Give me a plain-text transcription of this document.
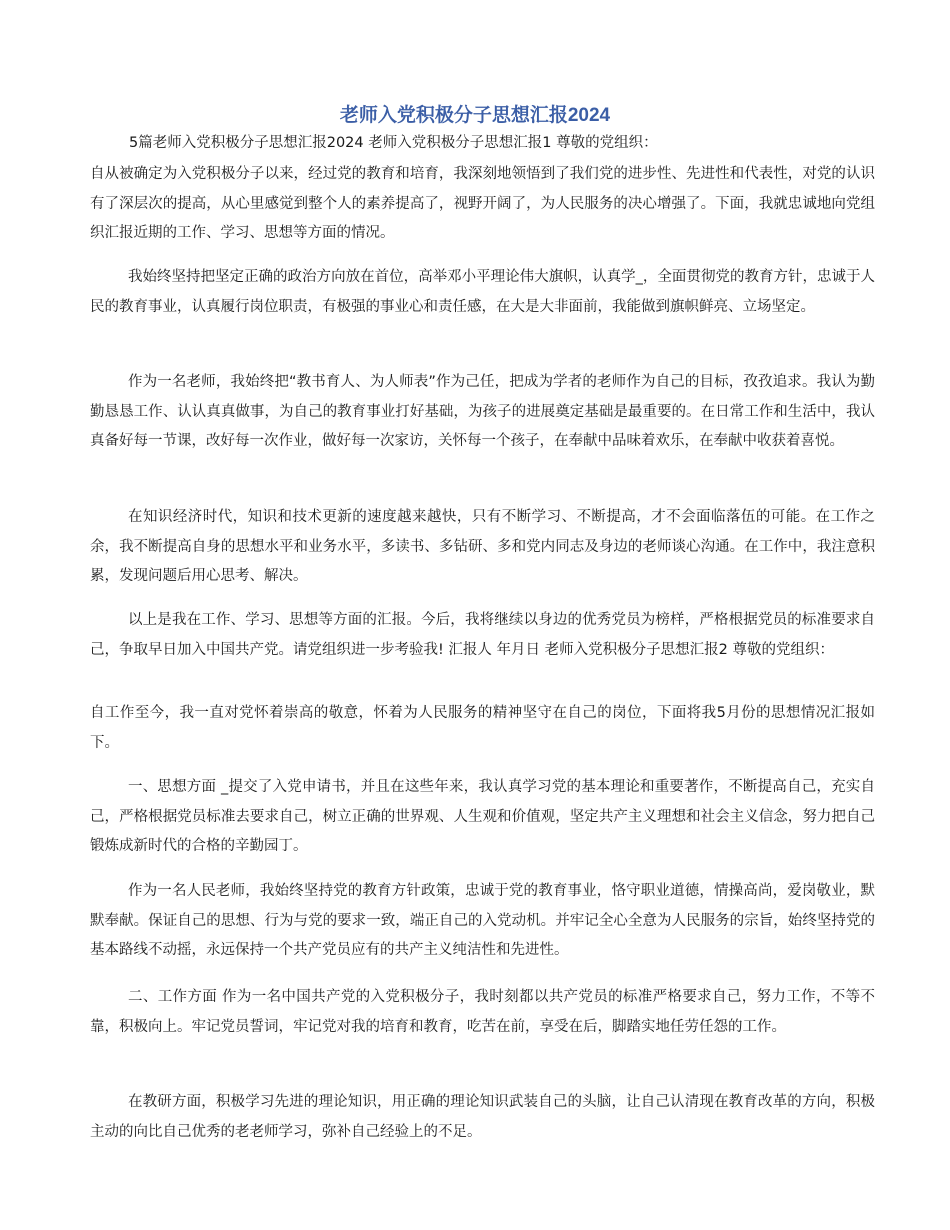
老师入党积极分子思想汇报2024

5篇老师入党积极分子思想汇报2024 老师入党积极分子思想汇报1 尊敬的党组织：

自从被确定为入党积极分子以来，经过党的教育和培育，我深刻地领悟到了我们党的进步性、先进性和代表性，对党的认识有了深层次的提高，从心里感觉到整个人的素养提高了，视野开阔了，为人民服务的决心增强了。下面，我就忠诚地向党组织汇报近期的工作、学习、思想等方面的情况。

我始终坚持把坚定正确的政治方向放在首位，高举邓小平理论伟大旗帜，认真学_，全面贯彻党的教育方针，忠诚于人民的教育事业，认真履行岗位职责，有极强的事业心和责任感，在大是大非面前，我能做到旗帜鲜亮、立场坚定。

作为一名老师，我始终把“教书育人、为人师表”作为己任，把成为学者的老师作为自己的目标，孜孜追求。我认为勤勤恳恳工作、认认真真做事，为自己的教育事业打好基础，为孩子的进展奠定基础是最重要的。在日常工作和生活中，我认真备好每一节课，改好每一次作业，做好每一次家访，关怀每一个孩子，在奉献中品味着欢乐，在奉献中收获着喜悦。

在知识经济时代，知识和技术更新的速度越来越快，只有不断学习、不断提高，才不会面临落伍的可能。在工作之余，我不断提高自身的思想水平和业务水平，多读书、多钻研、多和党内同志及身边的老师谈心沟通。在工作中，我注意积累，发现问题后用心思考、解决。

以上是我在工作、学习、思想等方面的汇报。今后，我将继续以身边的优秀党员为榜样，严格根据党员的标准要求自己，争取早日加入中国共产党。请党组织进一步考验我! 汇报人 年月日 老师入党积极分子思想汇报2 尊敬的党组织：

自工作至今，我一直对党怀着崇高的敬意，怀着为人民服务的精神坚守在自己的岗位，下面将我5月份的思想情况汇报如下。

一、思想方面 _提交了入党申请书，并且在这些年来，我认真学习党的基本理论和重要著作，不断提高自己，充实自己，严格根据党员标准去要求自己，树立正确的世界观、人生观和价值观，坚定共产主义理想和社会主义信念，努力把自己锻炼成新时代的合格的辛勤园丁。

作为一名人民老师，我始终坚持党的教育方针政策，忠诚于党的教育事业，恪守职业道德，情操高尚，爱岗敬业，默默奉献。保证自己的思想、行为与党的要求一致，端正自己的入党动机。并牢记全心全意为人民服务的宗旨，始终坚持党的基本路线不动摇，永远保持一个共产党员应有的共产主义纯洁性和先进性。

二、工作方面 作为一名中国共产党的入党积极分子，我时刻都以共产党员的标准严格要求自己，努力工作，不等不靠，积极向上。牢记党员誓词，牢记党对我的培育和教育，吃苦在前，享受在后，脚踏实地任劳任怨的工作。

在教研方面，积极学习先进的理论知识，用正确的理论知识武装自己的头脑，让自己认清现在教育改革的方向，积极主动的向比自己优秀的老老师学习，弥补自己经验上的不足。
